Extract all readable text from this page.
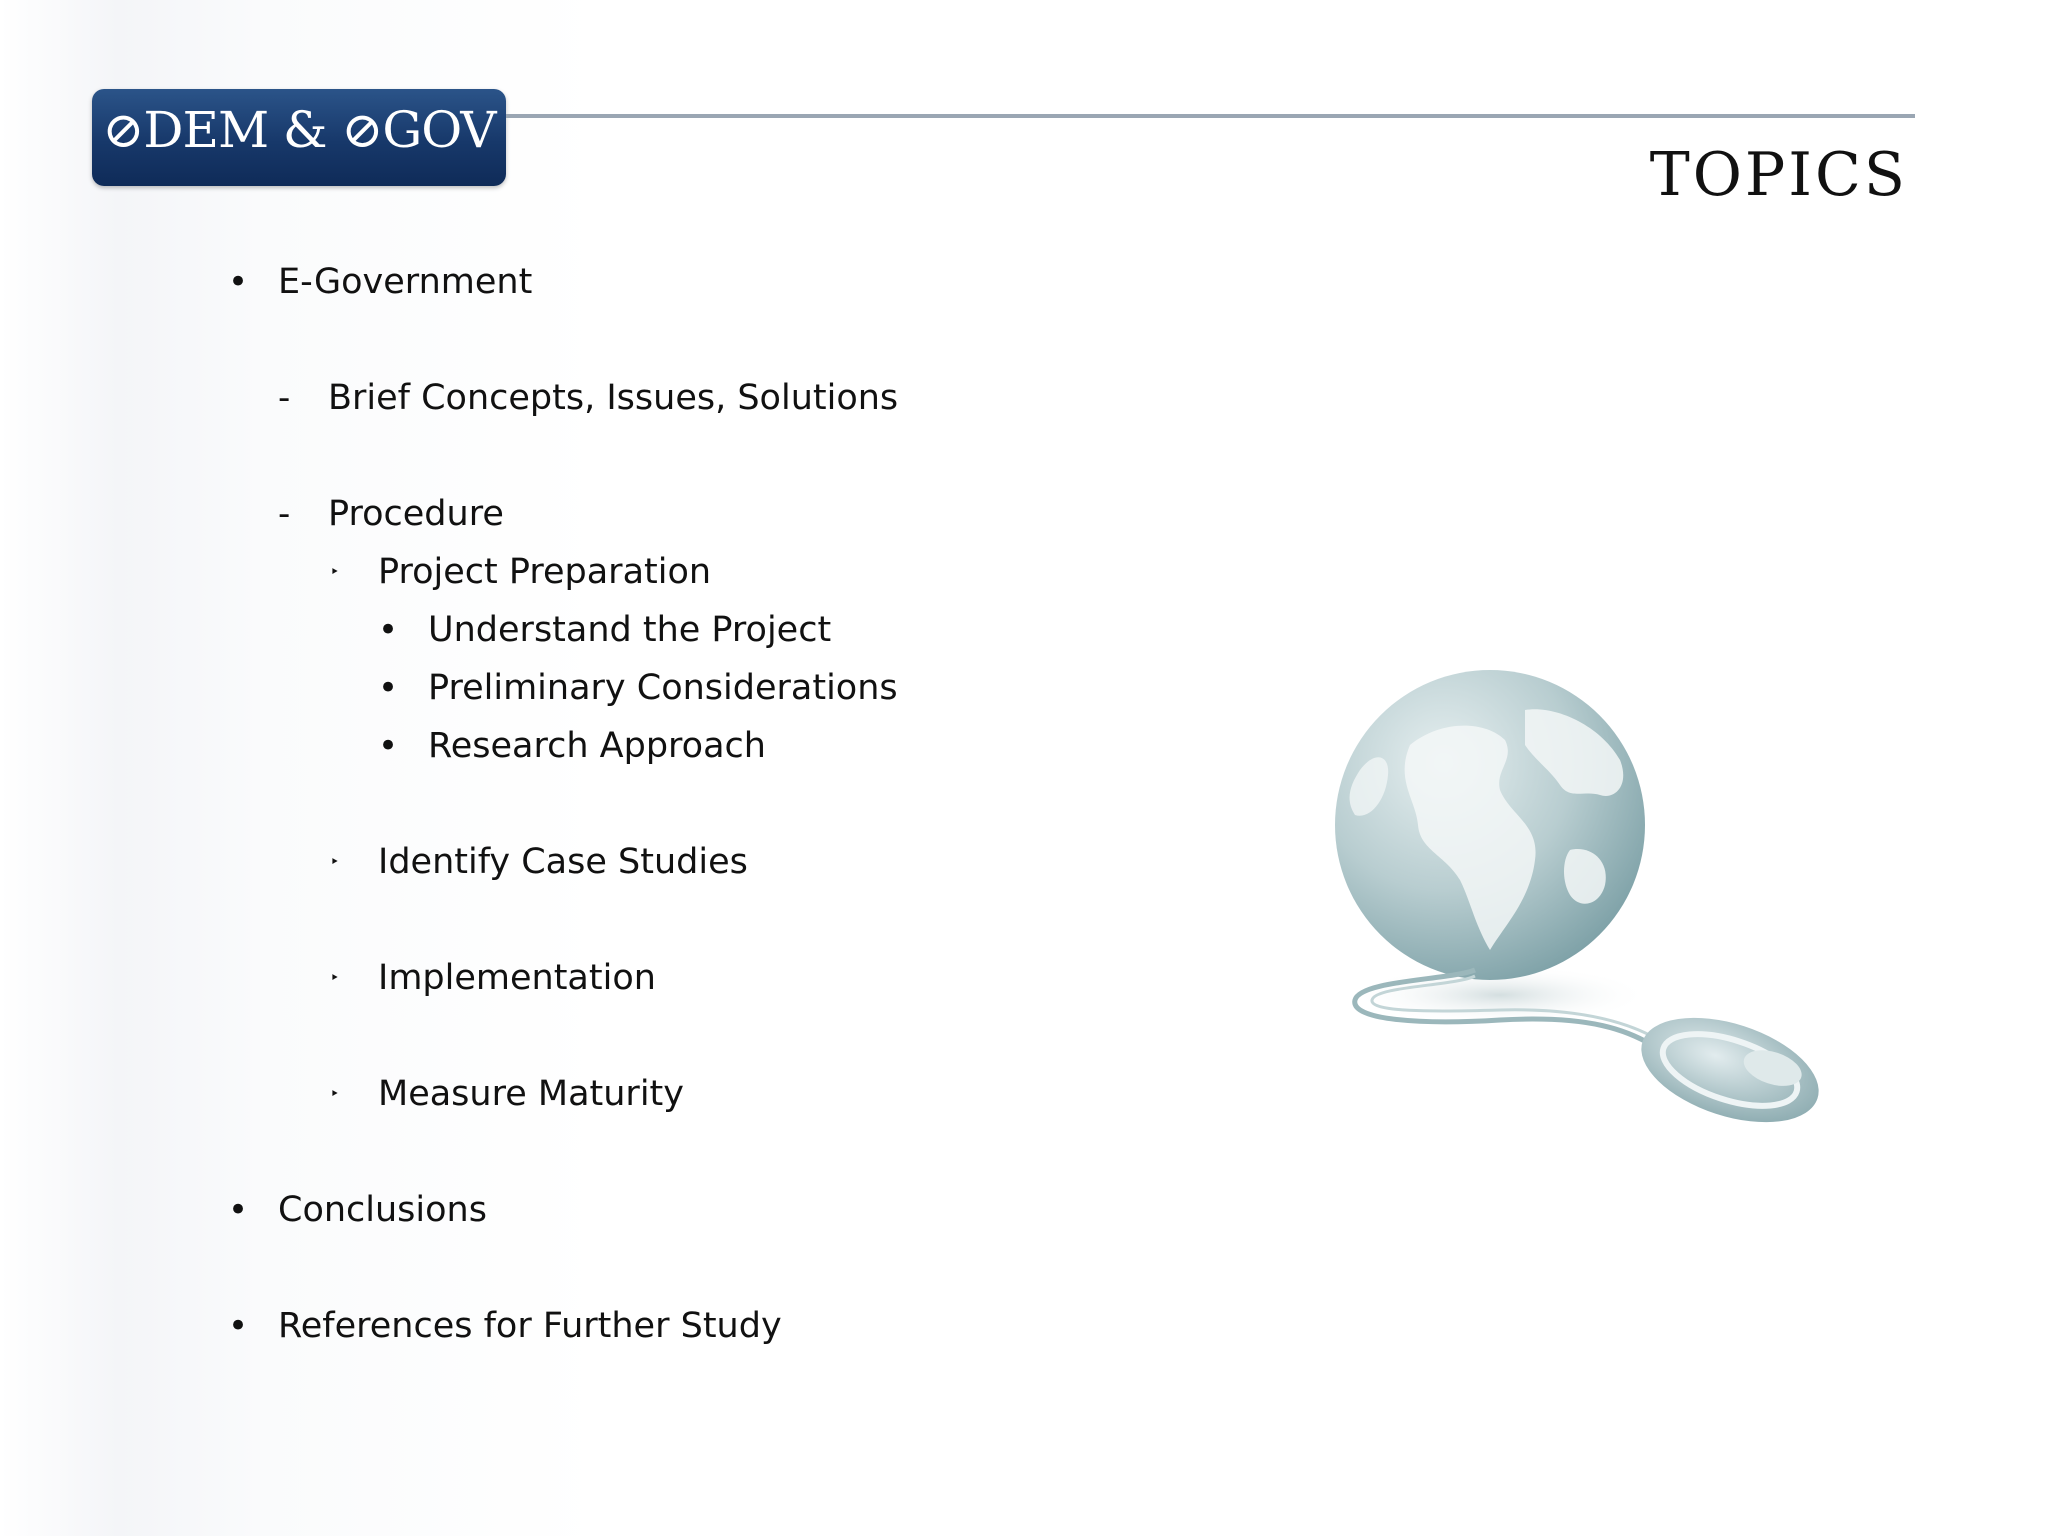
⊘DEM & ⊘GOV
TOPICS
• E-Government
- Brief Concepts, Issues, Solutions
- Procedure
‣ Project Preparation
• Understand the Project
• Preliminary Considerations
• Research Approach
‣ Identify Case Studies
‣ Implementation
‣ Measure Maturity
• Conclusions
• References for Further Study
